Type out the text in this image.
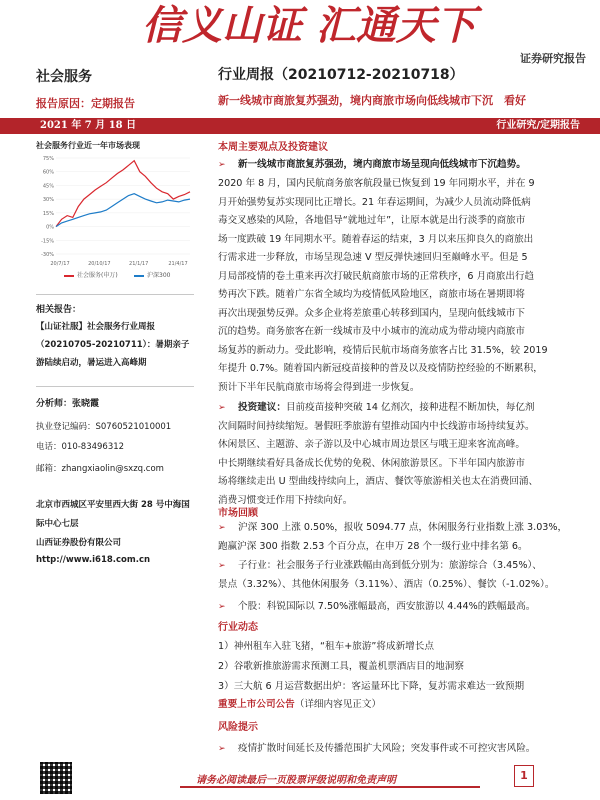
信义山证 汇通天下
证券研究报告
社会服务
报告原因：定期报告
行业周报（20210712-20210718）
新一线城市商旅复苏强劲，境内商旅市场向低线城市下沉　看好
2021 年 7 月 18 日	行业研究/定期报告
社会服务行业近一年市场表现
75%
60%
45%
30%
15%
0%
-15%
-30%
20/7/17	20/10/17	21/1/17	21/4/17
社会服务(申万)	沪深300
相关报告：
【山证社服】社会服务行业周报（20210705-20210711）：暑期亲子游陆续启动，暑运进入高峰期
分析师：张晓霞
执业登记编码：S0760521010001
电话：010-83496312
邮箱：zhangxiaolin@sxzq.com
北京市西城区平安里西大街 28 号中海国
际中心七层
山西证券股份有限公司
http://www.i618.com.cn
本周主要观点及投资建议
➢ 新一线城市商旅复苏强劲，境内商旅市场呈现向低线城市下沉趋势。
2020 年 8 月，国内民航商务旅客航段量已恢复到 19 年同期水平，并在 9
月开始强势复苏实现同比正增长。21 年春运期间，为减少人员流动降低病
毒交叉感染的风险，各地倡导“就地过年”，让原本就是出行淡季的商旅市
场一度跌破 19 年同期水平。随着春运的结束，3 月以来压抑良久的商旅出
行需求进一步释放，市场呈现急速 V 型反弹快速回归至巅峰水平。但是 5
月局部疫情的卷土重来再次打破民航商旅市场的正常秩序，6 月商旅出行趋
势再次下跌。随着广东省全域均为疫情低风险地区，商旅市场在暑期即将
再次出现强势反弹。众多企业将差旅重心转移到国内，呈现向低线城市下
沉的趋势。商务旅客在新一线城市及中小城市的流动成为带动境内商旅市
场复苏的新动力。受此影响，疫情后民航市场商务旅客占比 31.5%，较 2019
年提升 0.7%。随着国内新冠疫苗接种的普及以及疫情防控经验的不断累积，
预计下半年民航商旅市场将会得到进一步恢复。
➢ 投资建议：目前疫苗接种突破 14 亿剂次，接种进程不断加快，每亿剂
次间隔时间持续缩短。暑假旺季旅游有望推动国内中长线游市场持续复苏。
休闲景区、主题游、亲子游以及中心城市周边景区与哦王迎来客流高峰。
中长期继续看好具备成长优势的免税、休闲旅游景区。下半年国内旅游市
场将继续走出 U 型曲线持续向上，酒店、餐饮等旅游相关也太在消费回涌、
消费习惯变迁作用下持续向好。
市场回顾
➢ 沪深 300 上涨 0.50%，报收 5094.77 点，休闲服务行业指数上涨 3.03%，
跑赢沪深 300 指数 2.53 个百分点，在申万 28 个一级行业中排名第 6。
➢ 子行业：社会服务子行业涨跌幅由高到低分别为：旅游综合（3.45%）、
景点（3.32%）、其他休闲服务（3.11%）、酒店（0.25%）、餐饮（-1.02%）。
➢ 个股：科锐国际以 7.50%涨幅最高，西安旅游以 4.44%的跌幅最高。
行业动态
1）神州租车入驻飞猪，“租车+旅游”将成新增长点
2）谷歌新推旅游需求预测工具，覆盖机票酒店目的地洞察
3）三大航 6 月运营数据出炉：客运量环比下降，复苏需求难达一致预期
重要上市公司公告（详细内容见正文）
风险提示
➢ 疫情扩散时间延长及传播范围扩大风险；突发事件或不可控灾害风险。
请务必阅读最后一页股票评级说明和免责声明	1
